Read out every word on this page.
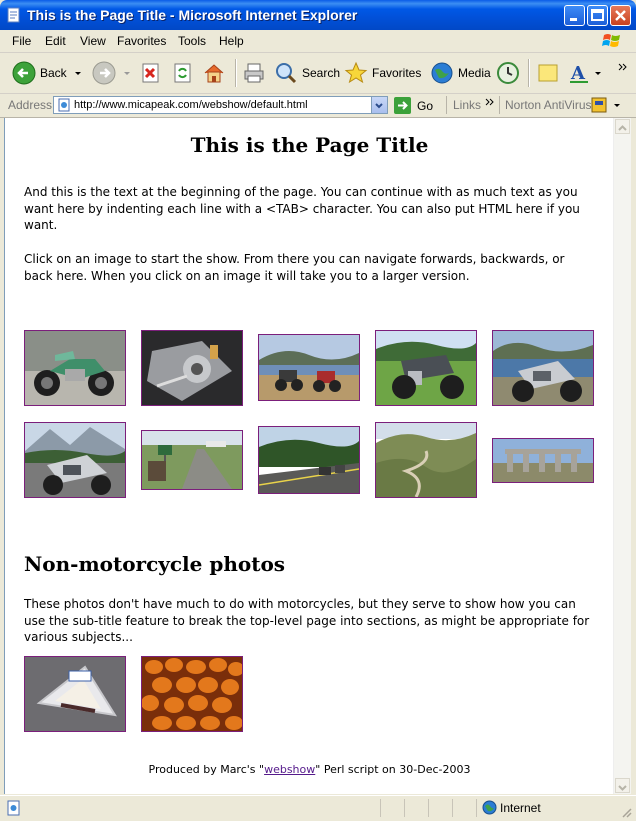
This is the Page Title - Microsoft Internet Explorer
File Edit View Favorites Tools Help
Back	Search	Favorites	Media	A
Address http://www.micapeak.com/webshow/default.html	Go Links Norton AntiVirus
This is the Page Title

And this is the text at the beginning of the page. You can continue with as much text as you want here by indenting each line with a <TAB> character. You can also put HTML here if you want.

Click on an image to start the show. From there you can navigate forwards, backwards, or back here. When you click on an image it will take you to a larger version.

Non-motorcycle photos

These photos don't have much to do with motorcycles, but they serve to show how you can use the sub-title feature to break the top-level page into sections, as might be appropriate for various subjects...

Produced by Marc's "webshow" Perl script on 30-Dec-2003
Internet
